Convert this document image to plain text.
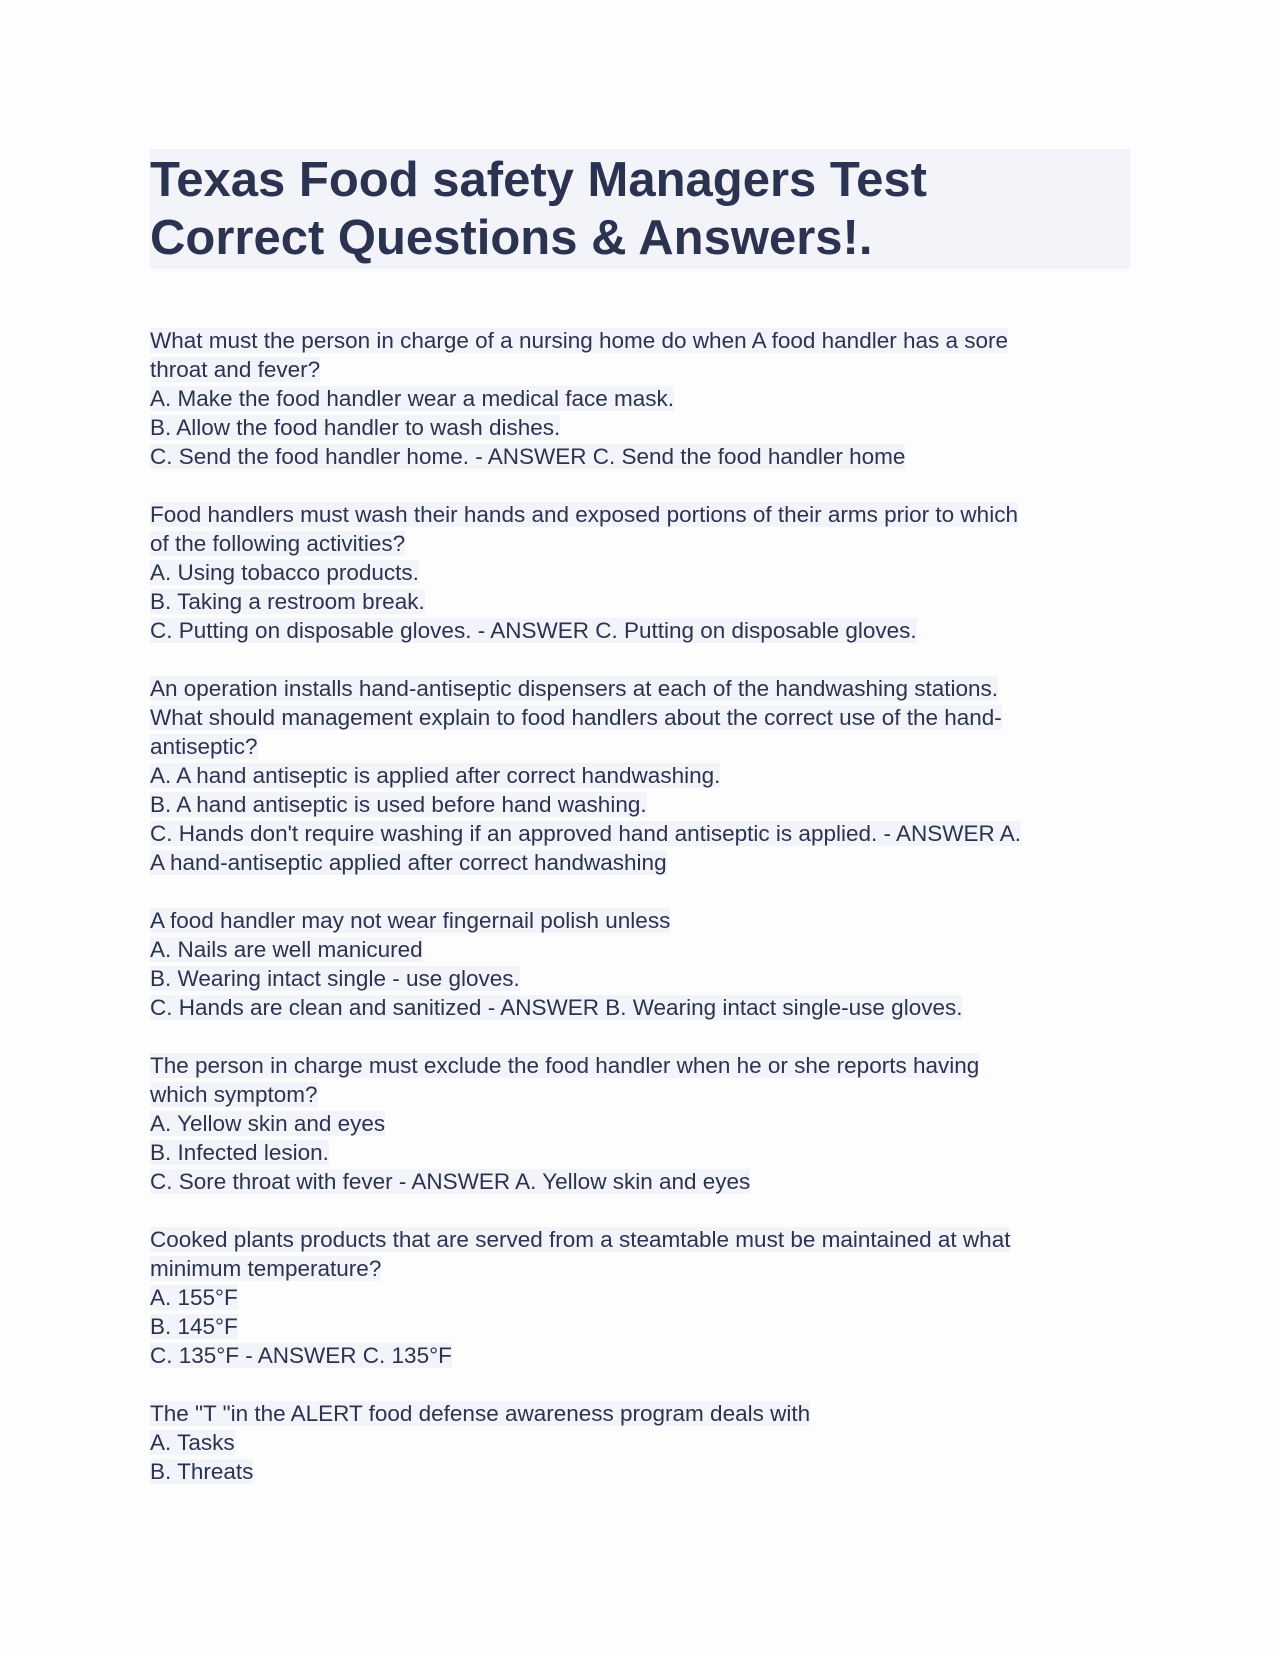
Texas Food safety Managers Test
Correct Questions & Answers!.
What must the person in charge of a nursing home do when A food handler has a sore
throat and fever?
A. Make the food handler wear a medical face mask.
B. Allow the food handler to wash dishes.
C. Send the food handler home. - ANSWER C. Send the food handler home
Food handlers must wash their hands and exposed portions of their arms prior to which
of the following activities?
A. Using tobacco products.
B. Taking a restroom break.
C. Putting on disposable gloves. - ANSWER C. Putting on disposable gloves.
An operation installs hand-antiseptic dispensers at each of the handwashing stations.
What should management explain to food handlers about the correct use of the hand-
antiseptic?
A. A hand antiseptic is applied after correct handwashing.
B. A hand antiseptic is used before hand washing.
C. Hands don't require washing if an approved hand antiseptic is applied. - ANSWER A.
A hand-antiseptic applied after correct handwashing
A food handler may not wear fingernail polish unless
A. Nails are well manicured
B. Wearing intact single - use gloves.
C. Hands are clean and sanitized - ANSWER B. Wearing intact single-use gloves.
The person in charge must exclude the food handler when he or she reports having
which symptom?
A. Yellow skin and eyes
B. Infected lesion.
C. Sore throat with fever - ANSWER A. Yellow skin and eyes
Cooked plants products that are served from a steamtable must be maintained at what
minimum temperature?
A. 155°F
B. 145°F
C. 135°F - ANSWER C. 135°F
The "T "in the ALERT food defense awareness program deals with
A. Tasks
B. Threats
